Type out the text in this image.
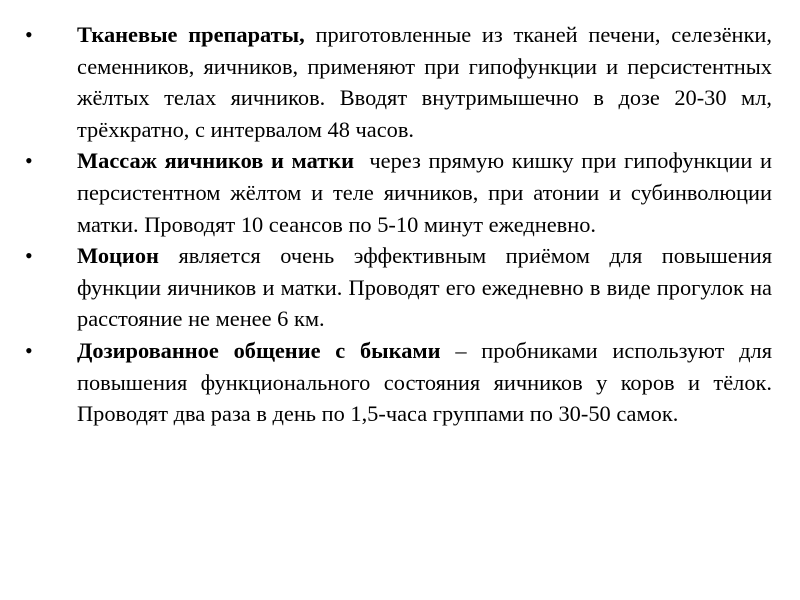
•	Тканевые препараты, приготовленные из тканей печени, селезёнки, семенников, яичников, применяют при гипофункции и персистентных жёлтых телах яичников. Вводят внутримышечно в дозе 20-30 мл, трёхкратно, с интервалом 48 часов.
•	Массаж яичников и матки  через прямую кишку при гипофункции и персистентном жёлтом и теле яичников, при атонии и субинволюции матки. Проводят 10 сеансов по 5-10 минут ежедневно.
•	Моцион является очень эффективным приёмом для повышения функции яичников и матки. Проводят его ежедневно в виде прогулок на расстояние не менее 6 км.
•	Дозированное общение с быками – пробниками используют для повышения функционального состояния яичников у коров и тёлок. Проводят два раза в день по 1,5-часа группами по 30-50 самок.
